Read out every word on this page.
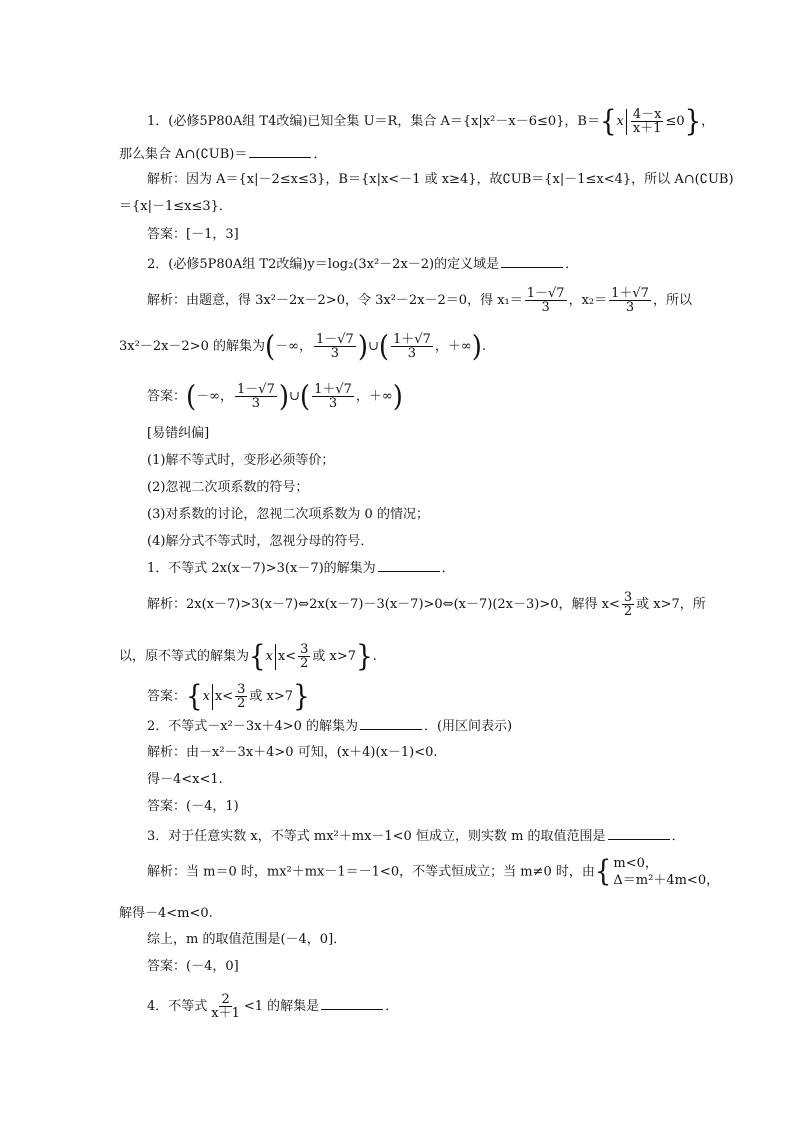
1．(必修5P80A组 T4改编)已知全集 U＝R，集合 A＝{x|x²－x－6≤0}，B＝ { x $\frac{4-x}{x+1} \le 0$ } ，
那么集合 A∩(∁UB)＝	．
解析：因为 A＝{x|－2≤x≤3}，B＝{x|x<－1 或 x≥4}，故∁UB＝{x|－1≤x<4}，所以 A∩(∁UB)
＝{x|－1≤x≤3}．
答案：[－1，3]
2．(必修5P80A组 T2改编)y＝log₂(3x²－2x－2)的定义域是	．
解析：由题意，得 3x²－2x－2>0，令 3x²－2x－2＝0，得 $x_1= \frac{1-√7}{3}$ ，$x_2= \frac{1+√7}{3}$ ，所以
3x²－2x－2>0 的解集为(－∞， $\frac{1-√7}{3}$ )∪( $\frac{1+√7}{3}$ ，＋∞).
答案：(－∞， $\frac{1-√7}{3}$ )∪( $\frac{1+√7}{3}$ ，＋∞)
[易错纠偏]
(1)解不等式时，变形必须等价；
(2)忽视二次项系数的符号；
(3)对系数的讨论，忽视二次项系数为 0 的情况；
(4)解分式不等式时，忽视分母的符号．
1．不等式 2x(x－7)>3(x－7)的解集为	．
解析：2x(x－7)>3(x－7)⇔2x(x－7)－3(x－7)>0⇔(x－7)(2x－3)>0，解得 $x< \frac{3}{2}$ 或 x>7，所
以，原不等式的解集为 { x $x< \frac{3}{2}$ 或 x>7 } .
答案： { x $x< \frac{3}{2}$ 或 x>7 }
2．不等式－x²－3x＋4>0 的解集为	．(用区间表示)
解析：由－x²－3x＋4>0 可知，(x＋4)(x－1)<0.
得－4<x<1.
答案：(－4，1)
3．对于任意实数 x，不等式 mx²＋mx－1<0 恒成立，则实数 m 的取值范围是	．
解析：当 m＝0 时，mx²＋mx－1＝－1<0，不等式恒成立；当 m≠0 时，由 { m<0，
Δ＝m²＋4m<0，
解得－4<m<0.
综上，m 的取值范围是(－4，0]．
答案：(－4，0]
4．不等式 $\frac{2}{x+1} <1$ 的解集是	．
